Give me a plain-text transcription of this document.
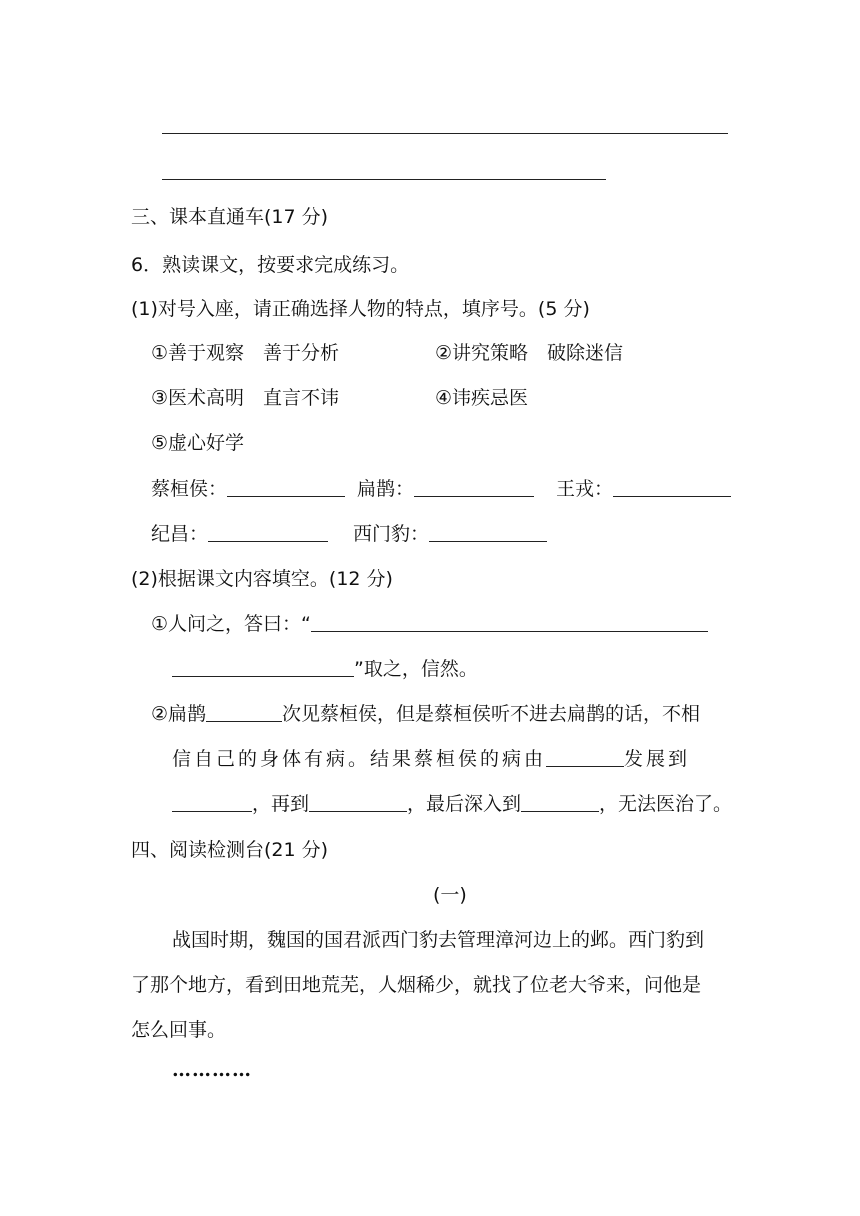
三、课本直通车(17 分)
6．熟读课文，按要求完成练习。
(1)对号入座，请正确选择人物的特点，填序号。(5 分)
①善于观察　善于分析	②讲究策略　破除迷信
③医术高明　直言不讳	④讳疾忌医
⑤虚心好学
蔡桓侯：	扁鹊：	王戎：
纪昌：	西门豹：
(2)根据课文内容填空。(12 分)
①人问之，答曰：“
”取之，信然。
②扁鹊	次见蔡桓侯，但是蔡桓侯听不进去扁鹊的话，不相
信自己的身体有病。结果蔡桓侯的病由	发展到
，再到	，最后深入到	，无法医治了。
四、阅读检测台(21 分)
(一)
战国时期，魏国的国君派西门豹去管理漳河边上的邺。西门豹到
了那个地方，看到田地荒芜，人烟稀少，就找了位老大爷来，问他是
怎么回事。
…………
